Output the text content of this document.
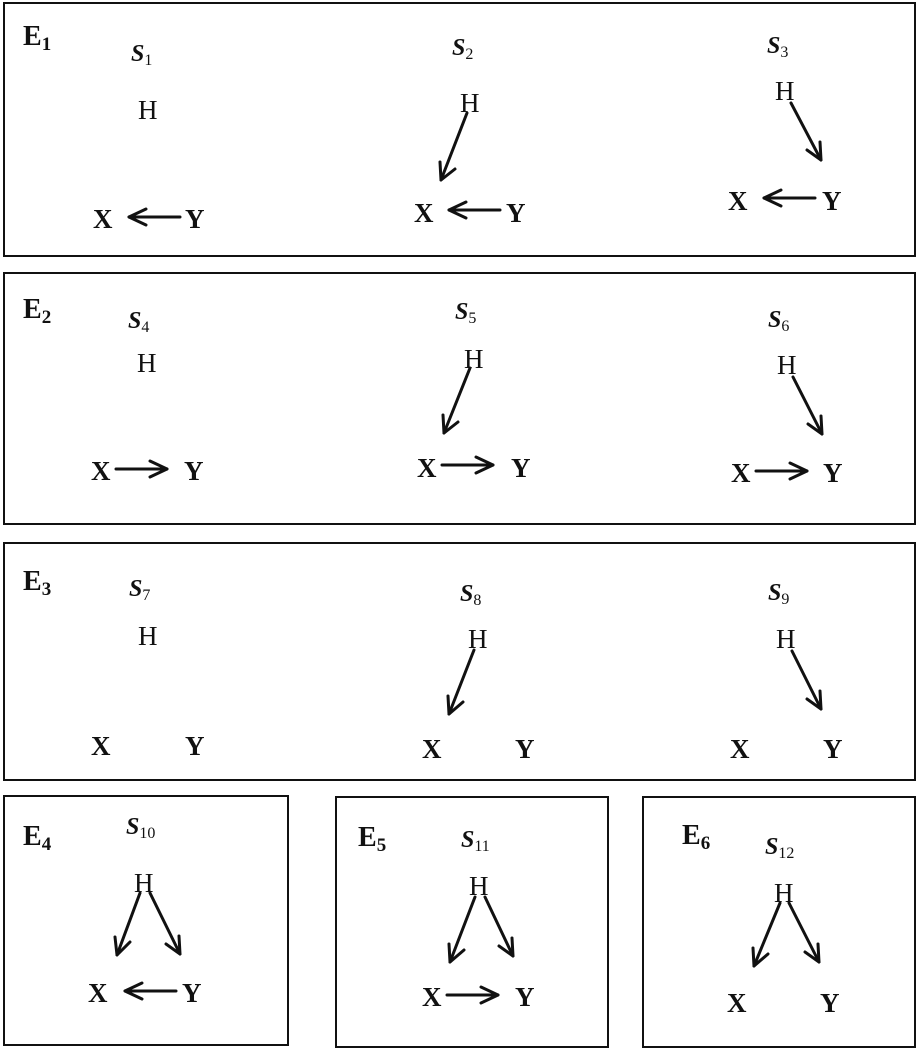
$E_1$
$E_2$
$E_3$
$E_4$	$E_5$	$E_6$
$S_1$	$S_2$	$S_3$
$S_4$
$S_5$	$S_6$
$S_7$	$S_8$	$S_9$
$S_{10}$	$S_{11}$	$S_{12}$
H
X	Y
H
X	Y
H
X	Y
H
X	Y
H
X	Y
H
X	Y
H
X	Y
H
X	Y
H
X	Y
H
X	Y
H
X	Y
H
X	Y
